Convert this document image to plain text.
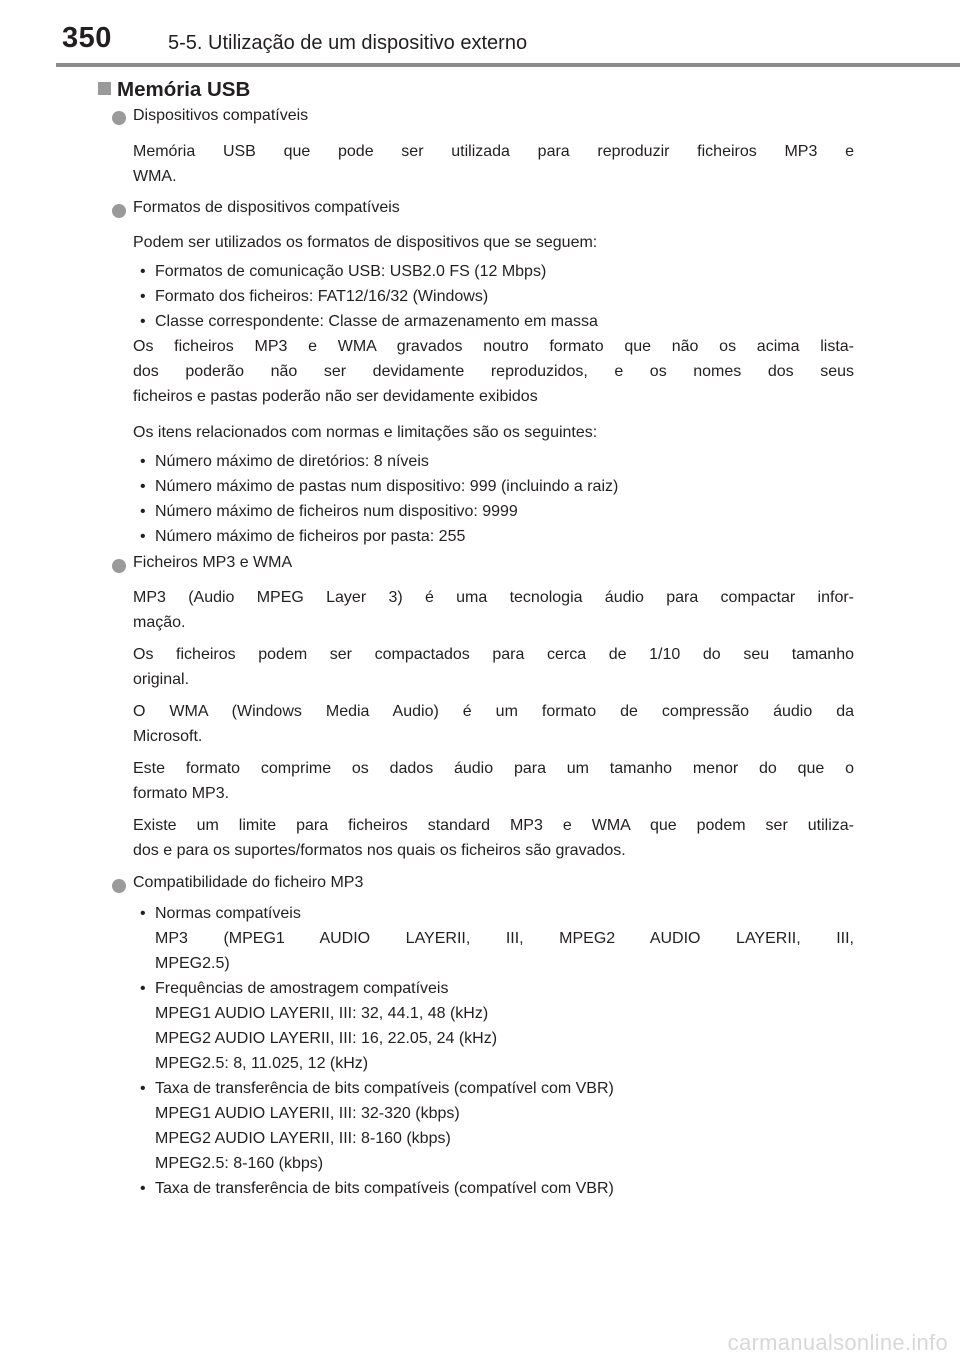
350	5-5. Utilização de um dispositivo externo
Memória USB
Dispositivos compatíveis
Memória USB que pode ser utilizada para reproduzir ficheiros MP3 e
WMA.
Formatos de dispositivos compatíveis
Podem ser utilizados os formatos de dispositivos que se seguem:
• Formatos de comunicação USB: USB2.0 FS (12 Mbps)
• Formato dos ficheiros: FAT12/16/32 (Windows)
• Classe correspondente: Classe de armazenamento em massa
Os ficheiros MP3 e WMA gravados noutro formato que não os acima lista-
dos poderão não ser devidamente reproduzidos, e os nomes dos seus
ficheiros e pastas poderão não ser devidamente exibidos
Os itens relacionados com normas e limitações são os seguintes:
• Número máximo de diretórios: 8 níveis
• Número máximo de pastas num dispositivo: 999 (incluindo a raiz)
• Número máximo de ficheiros num dispositivo: 9999
• Número máximo de ficheiros por pasta: 255
Ficheiros MP3 e WMA
MP3 (Audio MPEG Layer 3) é uma tecnologia áudio para compactar infor-
mação.
Os ficheiros podem ser compactados para cerca de 1/10 do seu tamanho
original.
O WMA (Windows Media Audio) é um formato de compressão áudio da
Microsoft.
Este formato comprime os dados áudio para um tamanho menor do que o
formato MP3.
Existe um limite para ficheiros standard MP3 e WMA que podem ser utiliza-
dos e para os suportes/formatos nos quais os ficheiros são gravados.
Compatibilidade do ficheiro MP3
• Normas compatíveis
MP3 (MPEG1 AUDIO LAYERII, III, MPEG2 AUDIO LAYERII, III,
MPEG2.5)
• Frequências de amostragem compatíveis
MPEG1 AUDIO LAYERII, III: 32, 44.1, 48 (kHz)
MPEG2 AUDIO LAYERII, III: 16, 22.05, 24 (kHz)
MPEG2.5: 8, 11.025, 12 (kHz)
• Taxa de transferência de bits compatíveis (compatível com VBR)
MPEG1 AUDIO LAYERII, III: 32-320 (kbps)
MPEG2 AUDIO LAYERII, III: 8-160 (kbps)
MPEG2.5: 8-160 (kbps)
• Taxa de transferência de bits compatíveis (compatível com VBR)
carmanualsonline.info
